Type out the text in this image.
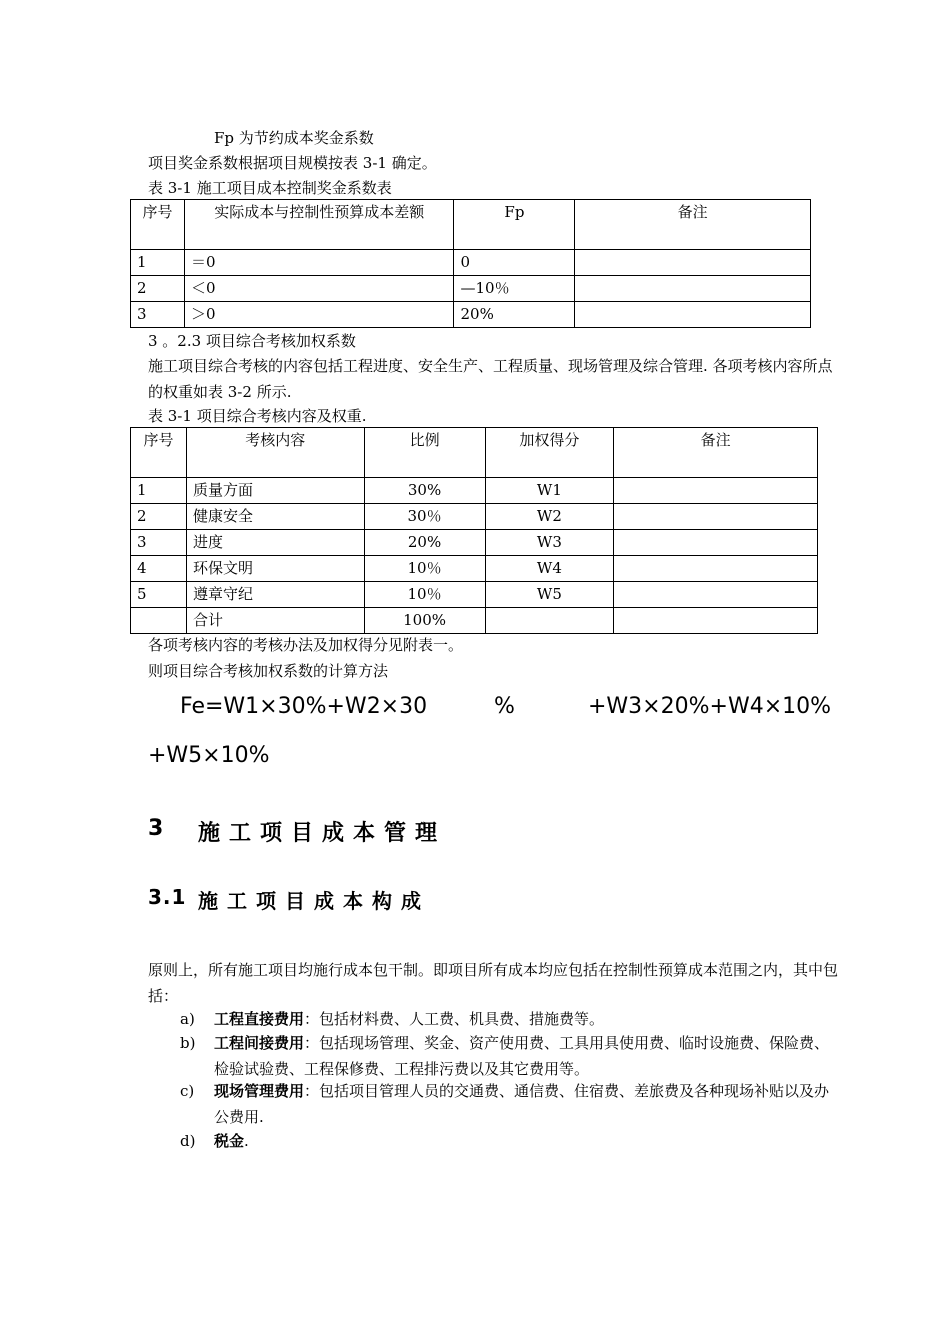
Fp 为节约成本奖金系数
项目奖金系数根据项目规模按表 3-1 确定。
表 3-1 施工项目成本控制奖金系数表
序号	实际成本与控制性预算成本差额	Fp	备注
1	＝0	0	
2	＜0	—10％	
3	＞0	20%	
3 。2.3 项目综合考核加权系数
施工项目综合考核的内容包括工程进度、安全生产、工程质量、现场管理及综合管理. 各项考核内容所点的权重如表 3-2 所示.
表 3-1 项目综合考核内容及权重.
序号	考核内容	比例	加权得分	备注
1	质量方面	30%	W1	
2	健康安全	30％	W2	
3	进度	20%	W3	
4	环保文明	10％	W4	
5	遵章守纪	10％	W5	
	合计	100%		
各项考核内容的考核办法及加权得分见附表一。
则项目综合考核加权系数的计算方法
Fe=W1×30%+W2×30	%	+W3×20%+W4×10%
+W5×10%
3 施工项目成本管理
3.1 施工项目成本构成
原则上，所有施工项目均施行成本包干制。即项目所有成本均应包括在控制性预算成本范围之内，其中包括：
a) 工程直接费用：包括材料费、人工费、机具费、措施费等。
b) 工程间接费用：包括现场管理、奖金、资产使用费、工具用具使用费、临时设施费、保险费、检验试验费、工程保修费、工程排污费以及其它费用等。
c) 现场管理费用：包括项目管理人员的交通费、通信费、住宿费、差旅费及各种现场补贴以及办公费用.
d) 税金.
